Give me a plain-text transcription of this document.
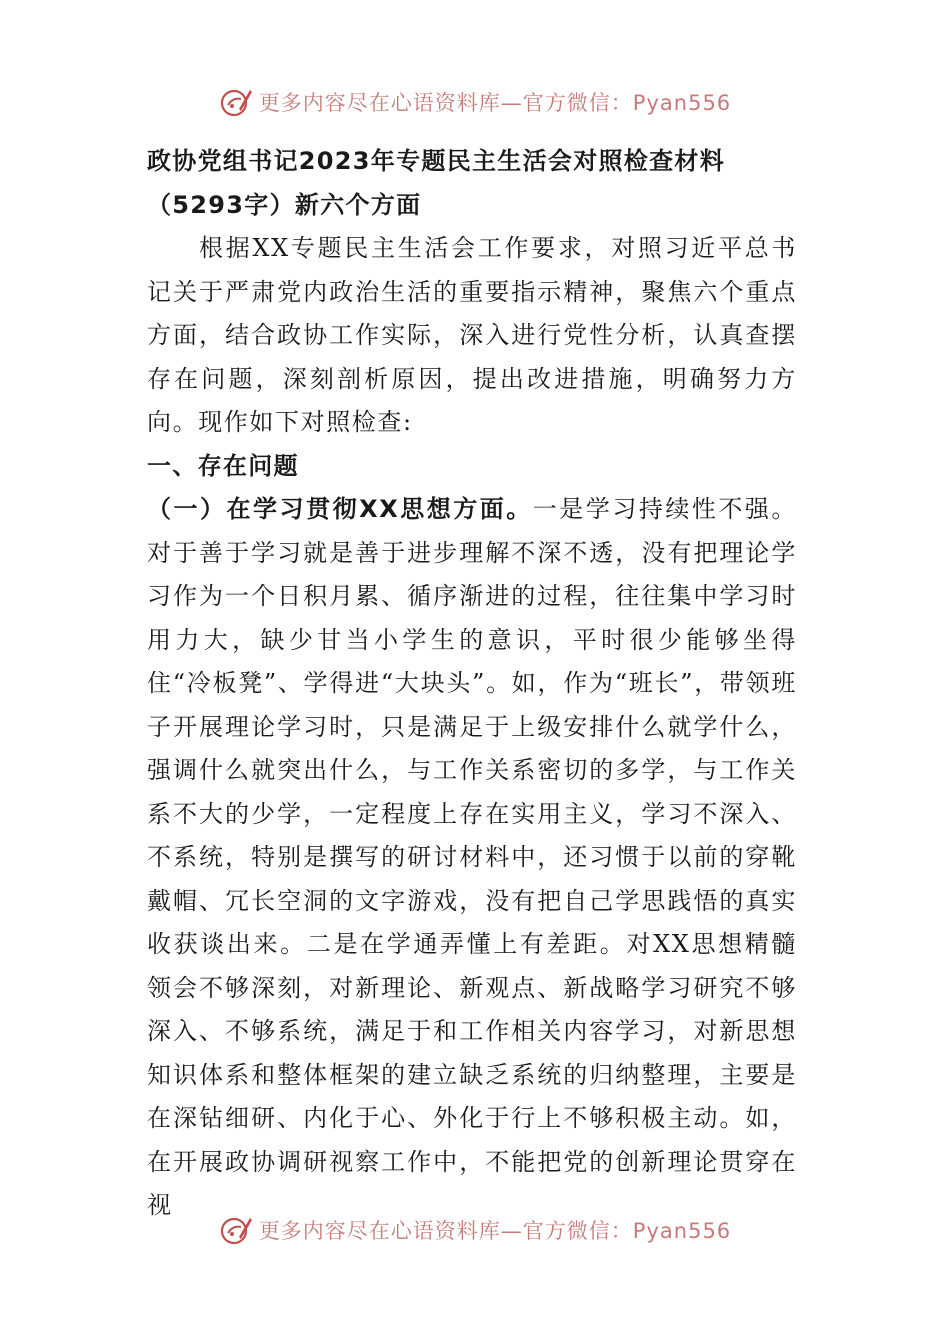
更多内容尽在心语资料库—官方微信：Pyan556

政协党组书记2023年专题民主生活会对照检查材料（5293字）新六个方面

根据XX专题民主生活会工作要求，对照习近平总书记关于严肃党内政治生活的重要指示精神，聚焦六个重点方面，结合政协工作实际，深入进行党性分析，认真查摆存在问题，深刻剖析原因，提出改进措施，明确努力方向。现作如下对照检查:

一、存在问题

（一）在学习贯彻XX思想方面。一是学习持续性不强。对于善于学习就是善于进步理解不深不透，没有把理论学习作为一个日积月累、循序渐进的过程，往往集中学习时用力大，缺少甘当小学生的意识，平时很少能够坐得住“冷板凳”、学得进“大块头”。如，作为“班长”，带领班子开展理论学习时，只是满足于上级安排什么就学什么，强调什么就突出什么，与工作关系密切的多学，与工作关系不大的少学，一定程度上存在实用主义，学习不深入、不系统，特别是撰写的研讨材料中，还习惯于以前的穿靴戴帽、冗长空洞的文字游戏，没有把自己学思践悟的真实收获谈出来。二是在学通弄懂上有差距。对XX思想精髓领会不够深刻，对新理论、新观点、新战略学习研究不够深入、不够系统，满足于和工作相关内容学习，对新思想知识体系和整体框架的建立缺乏系统的归纳整理，主要是在深钻细研、内化于心、外化于行上不够积极主动。如，在开展政协调研视察工作中，不能把党的创新理论贯穿在视

更多内容尽在心语资料库—官方微信：Pyan556
